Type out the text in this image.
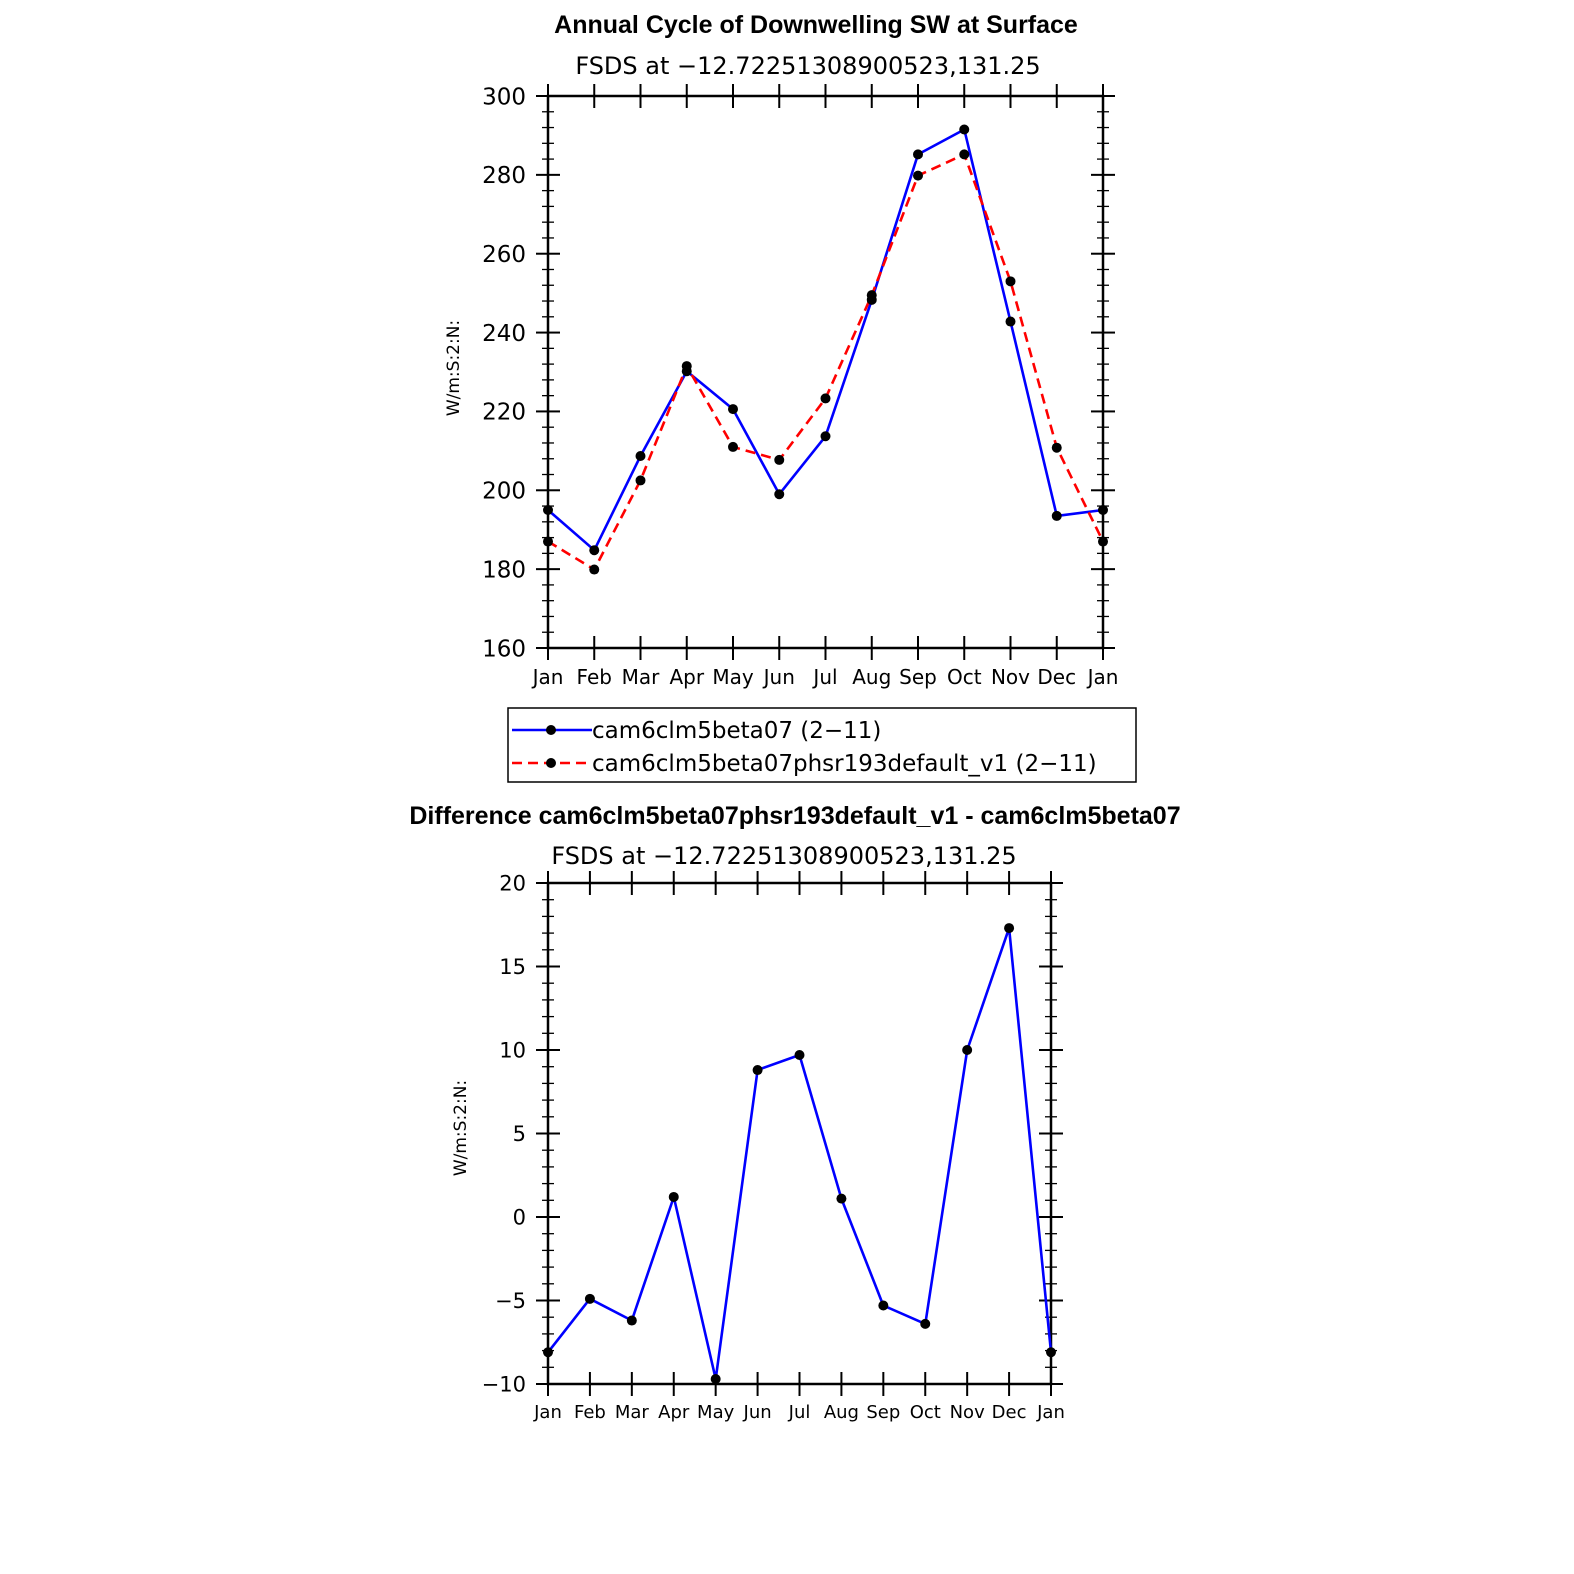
Annual Cycle of Downwelling SW at Surface
FSDS at −12.72251308900523,131.25
W/m:S:2:N:
160
180
200
220
240
260
280
300
Jan Feb Mar Apr May Jun Jul Aug Sep Oct Nov Dec Jan
cam6clm5beta07 (2−11)
cam6clm5beta07phsr193default_v1 (2−11)
Difference cam6clm5beta07phsr193default_v1 - cam6clm5beta07
FSDS at −12.72251308900523,131.25
W/m:S:2:N:
−10
−5
0
5
10
15
20
Jan Feb Mar Apr May Jun Jul Aug Sep Oct Nov Dec Jan
